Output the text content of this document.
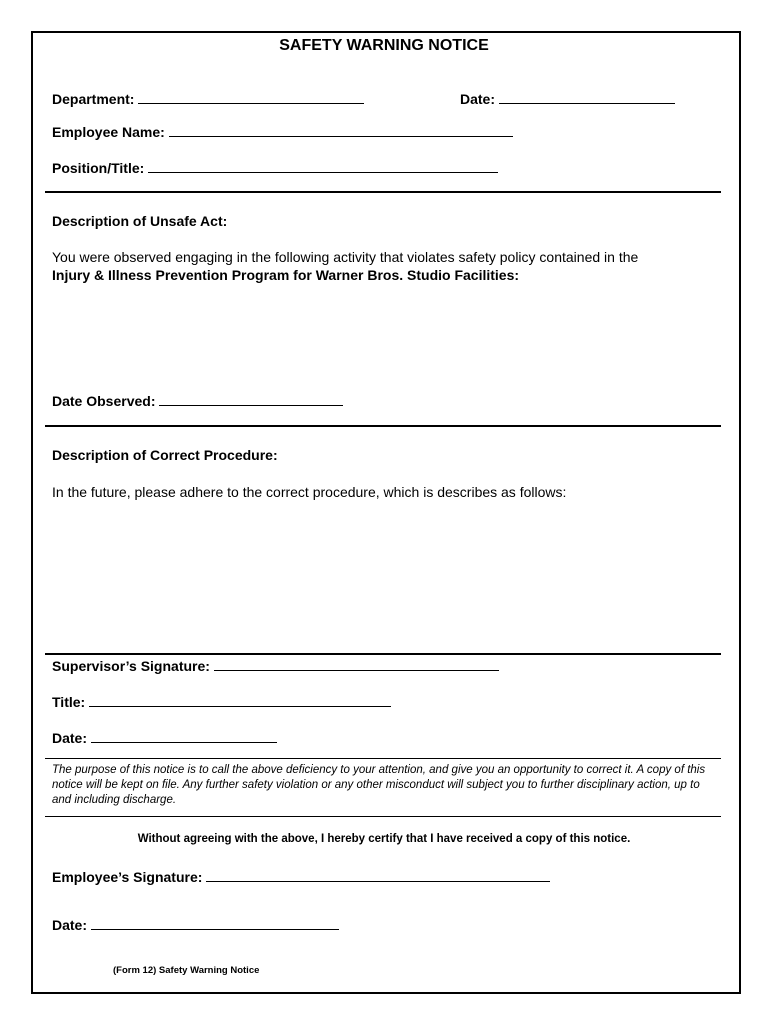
SAFETY WARNING NOTICE
Department:	Date:
Employee Name:
Position/Title:
Description of Unsafe Act:
You were observed engaging in the following activity that violates safety policy contained in the
Injury & Illness Prevention Program for Warner Bros. Studio Facilities:
Date Observed:
Description of Correct Procedure:
In the future, please adhere to the correct procedure, which is describes as follows:
Supervisor’s Signature:
Title:
Date:
The purpose of this notice is to call the above deficiency to your attention, and give you an opportunity to correct it. A copy of this notice will be kept on file. Any further safety violation or any other misconduct will subject you to further disciplinary action, up to and including discharge.
Without agreeing with the above, I hereby certify that I have received a copy of this notice.
Employee’s Signature:
Date:
(Form 12) Safety Warning Notice
